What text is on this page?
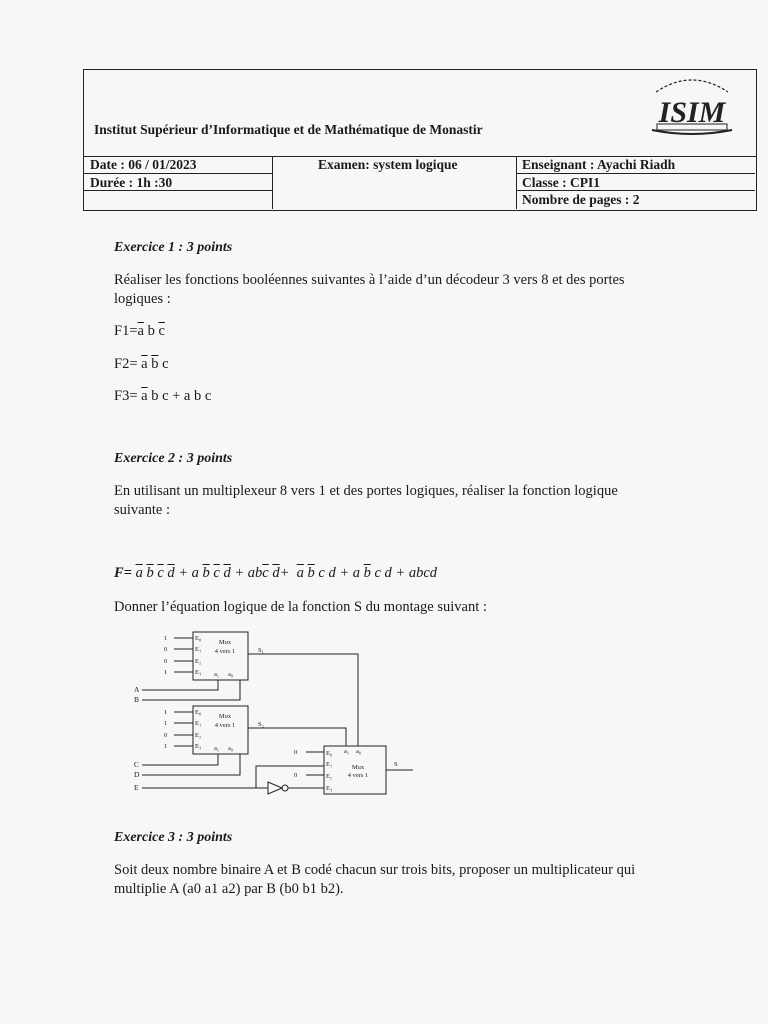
Institut Supérieur d’Informatique et de Mathématique de Monastir
ISIM
Date : 06 / 01/2023
Durée : 1h :30
Examen: system logique	Enseignant : Ayachi Riadh
Classe : CPI1
Nombre de pages : 2
Exercice 1 : 3 points
Réaliser les fonctions booléennes suivantes à l’aide d’un décodeur 3 vers 8 et des portes
logiques :
$F1=\overline{a}$ b $\overline{c}$
$F2= \overline{a}$ $\overline{b}$ c
$F3= \overline{a}$ b c + a b c
Exercice 2 : 3 points
En utilisant un multiplexeur 8 vers 1 et des portes logiques, réaliser la fonction logique
suivante :
$F= \overline{a}$ $\overline{b}$ $\overline{c}$ $\overline{d} + a$ $\overline{b}$ $\overline{c}$ $\overline{d} + ab\overline{c}$ $\overline{d}+ \overline{a}$ $\overline{b}$ c d + a $\overline{b}$ c d + abcd
Donner l’équation logique de la fonction S du montage suivant :
Mux
4 vers 1
Mux
4 vers 1
Mux
4 vers 1
E₀
E₁
E₂
E₃ a₁ a₀
E₀
E₁
E₂
E₃ a₁ a₀
E₀
E₁
E₂
E₃
a₁ a₀
1
0
0
1
1
1
0
1
0
0
S₁
S₂
S
A
B
C
D
E
Exercice 3 : 3 points
Soit deux nombre binaire A et B codé chacun sur trois bits, proposer un multiplicateur qui
multiplie A (a0 a1 a2) par B (b0 b1 b2).
